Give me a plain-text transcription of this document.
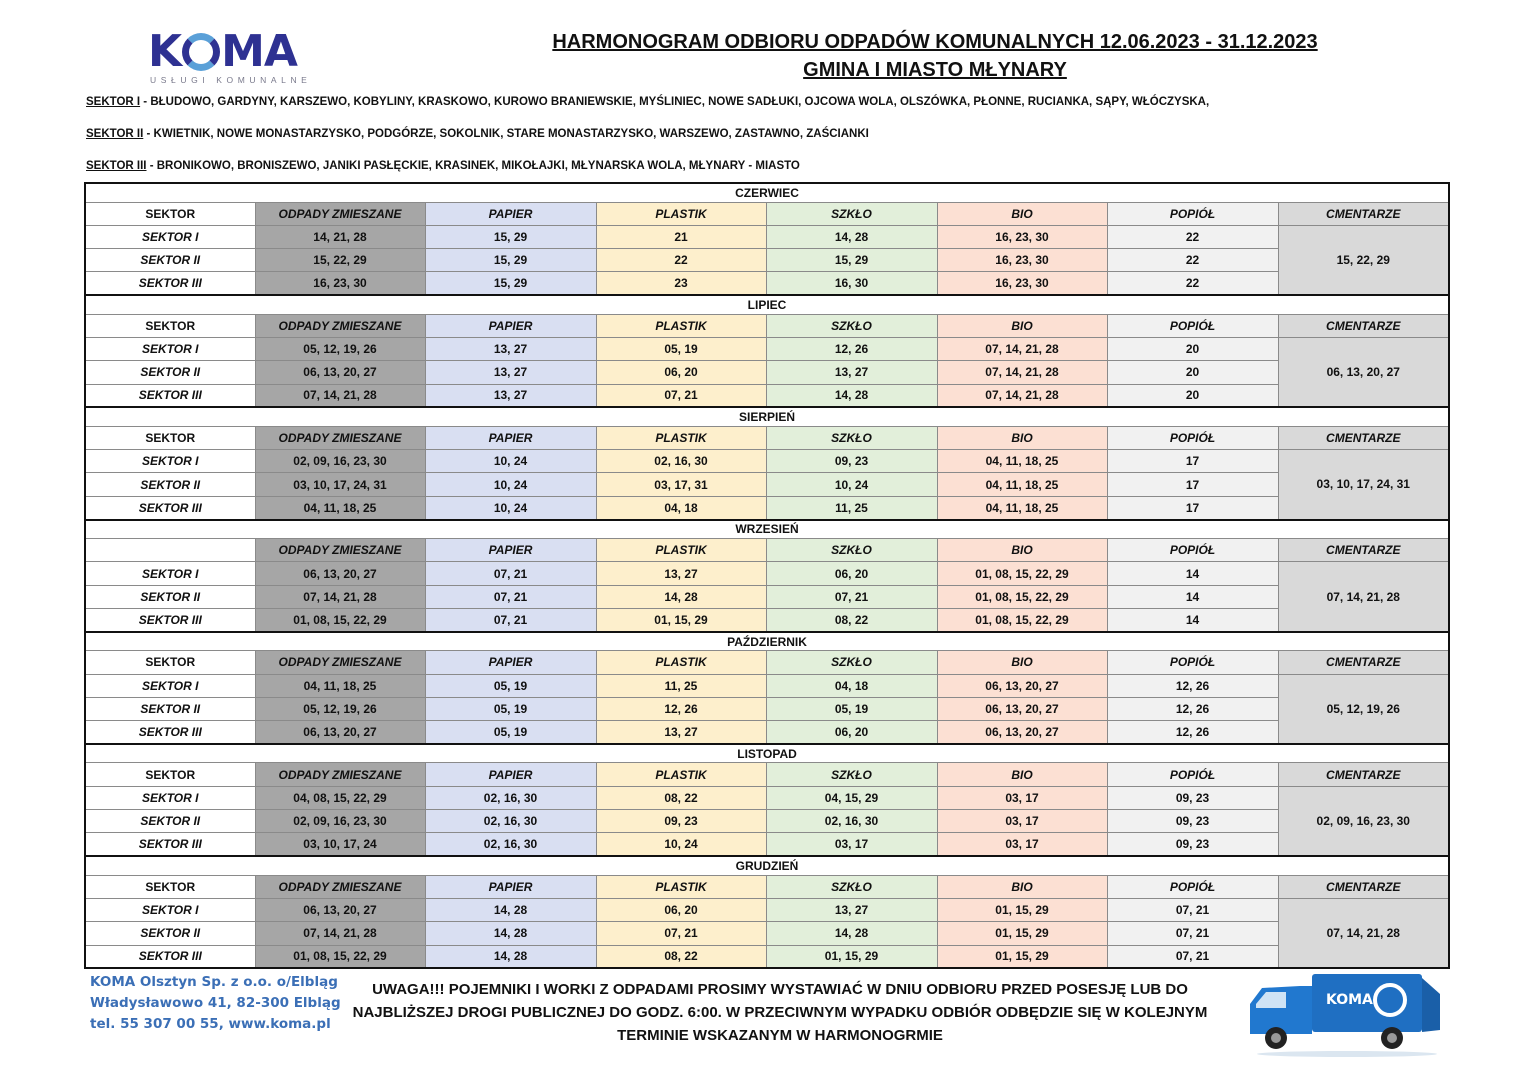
K MA
USŁUGI KOMUNALNE
HARMONOGRAM ODBIORU ODPADÓW KOMUNALNYCH 12.06.2023 - 31.12.2023
GMINA I MIASTO MŁYNARY
SEKTOR I - BŁUDOWO, GARDYNY, KARSZEWO, KOBYLINY, KRASKOWO, KUROWO BRANIEWSKIE, MYŚLINIEC, NOWE SADŁUKI, OJCOWA WOLA, OLSZÓWKA, PŁONNE, RUCIANKA, SĄPY, WŁÓCZYSKA,
SEKTOR II - KWIETNIK, NOWE MONASTARZYSKO, PODGÓRZE, SOKOLNIK, STARE MONASTARZYSKO, WARSZEWO, ZASTAWNO, ZAŚCIANKI
SEKTOR III - BRONIKOWO, BRONISZEWO, JANIKI PASŁĘCKIE, KRASINEK, MIKOŁAJKI, MŁYNARSKA WOLA, MŁYNARY - MIASTO
CZERWIEC							
SEKTOR	ODPADY ZMIESZANE	PAPIER	PLASTIK	SZKŁO	BIO	POPIÓŁ	CMENTARZE
SEKTOR I	14, 21, 28	15, 29	21	14, 28	16, 23, 30	22	15, 22, 29
SEKTOR II	15, 22, 29	15, 29	22	15, 29	16, 23, 30	22	
SEKTOR III	16, 23, 30	15, 29	23	16, 30	16, 23, 30	22	
LIPIEC							
SEKTOR	ODPADY ZMIESZANE	PAPIER	PLASTIK	SZKŁO	BIO	POPIÓŁ	CMENTARZE
SEKTOR I	05, 12, 19, 26	13, 27	05, 19	12, 26	07, 14, 21, 28	20	06, 13, 20, 27
SEKTOR II	06, 13, 20, 27	13, 27	06, 20	13, 27	07, 14, 21, 28	20	
SEKTOR III	07, 14, 21, 28	13, 27	07, 21	14, 28	07, 14, 21, 28	20	
SIERPIEŃ							
SEKTOR	ODPADY ZMIESZANE	PAPIER	PLASTIK	SZKŁO	BIO	POPIÓŁ	CMENTARZE
SEKTOR I	02, 09, 16, 23, 30	10, 24	02, 16, 30	09, 23	04, 11, 18, 25	17	03, 10, 17, 24, 31
SEKTOR II	03, 10, 17, 24, 31	10, 24	03, 17, 31	10, 24	04, 11, 18, 25	17	
SEKTOR III	04, 11, 18, 25	10, 24	04, 18	11, 25	04, 11, 18, 25	17	
WRZESIEŃ							
	ODPADY ZMIESZANE	PAPIER	PLASTIK	SZKŁO	BIO	POPIÓŁ	CMENTARZE
SEKTOR I	06, 13, 20, 27	07, 21	13, 27	06, 20	01, 08, 15, 22, 29	14	07, 14, 21, 28
SEKTOR II	07, 14, 21, 28	07, 21	14, 28	07, 21	01, 08, 15, 22, 29	14	
SEKTOR III	01, 08, 15, 22, 29	07, 21	01, 15, 29	08, 22	01, 08, 15, 22, 29	14	
PAŹDZIERNIK							
SEKTOR	ODPADY ZMIESZANE	PAPIER	PLASTIK	SZKŁO	BIO	POPIÓŁ	CMENTARZE
SEKTOR I	04, 11, 18, 25	05, 19	11, 25	04, 18	06, 13, 20, 27	12, 26	05, 12, 19, 26
SEKTOR II	05, 12, 19, 26	05, 19	12, 26	05, 19	06, 13, 20, 27	12, 26	
SEKTOR III	06, 13, 20, 27	05, 19	13, 27	06, 20	06, 13, 20, 27	12, 26	
LISTOPAD							
SEKTOR	ODPADY ZMIESZANE	PAPIER	PLASTIK	SZKŁO	BIO	POPIÓŁ	CMENTARZE
SEKTOR I	04, 08, 15, 22, 29	02, 16, 30	08, 22	04, 15, 29	03, 17	09, 23	02, 09, 16, 23, 30
SEKTOR II	02, 09, 16, 23, 30	02, 16, 30	09, 23	02, 16, 30	03, 17	09, 23	
SEKTOR III	03, 10, 17, 24	02, 16, 30	10, 24	03, 17	03, 17	09, 23	
GRUDZIEŃ							
SEKTOR	ODPADY ZMIESZANE	PAPIER	PLASTIK	SZKŁO	BIO	POPIÓŁ	CMENTARZE
SEKTOR I	06, 13, 20, 27	14, 28	06, 20	13, 27	01, 15, 29	07, 21	07, 14, 21, 28
SEKTOR II	07, 14, 21, 28	14, 28	07, 21	14, 28	01, 15, 29	07, 21	
SEKTOR III	01, 08, 15, 22, 29	14, 28	08, 22	01, 15, 29	01, 15, 29	07, 21	
KOMA Olsztyn Sp. z o.o. o/Elbląg
Władysławowo 41, 82-300 Elbląg
tel. 55 307 00 55, www.koma.pl
UWAGA!!! POJEMNIKI I WORKI Z ODPADAMI PROSIMY WYSTAWIAĆ W DNIU ODBIORU PRZED POSESJĘ LUB DO NAJBLIŻSZEJ DROGI PUBLICZNEJ DO GODZ. 6:00. W PRZECIWNYM WYPADKU ODBIÓR ODBĘDZIE SIĘ W KOLEJNYM TERMINIE WSKAZANYM W HARMONOGRMIE
KOMA
